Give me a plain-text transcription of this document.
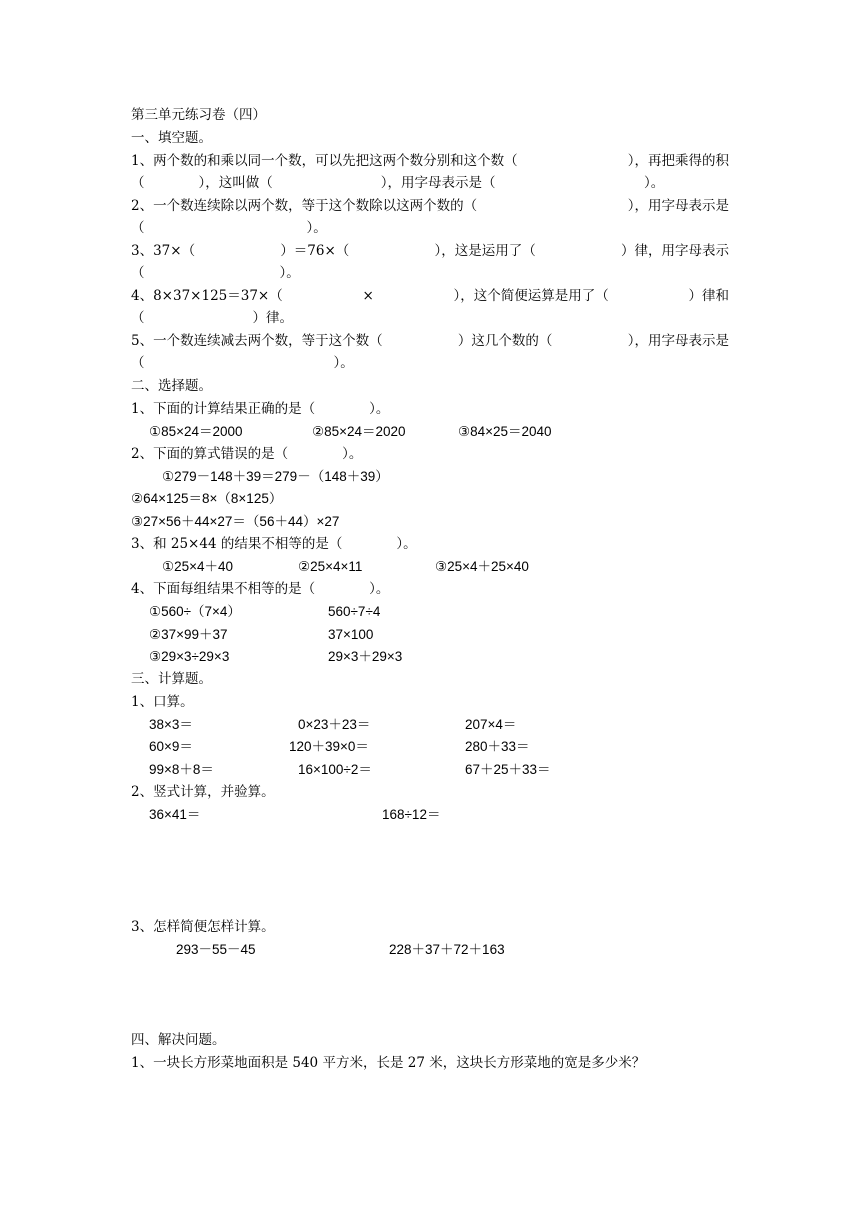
第三单元练习卷（四）
一、填空题。
1、两个数的和乘以同一个数，可以先把这两个数分别和这个数（	），再把乘得的积
（　　　　），这叫做（　　　　　　　　），用字母表示是（　　　　　　　　　　　）。
2、一个数连续除以两个数，等于这个数除以这两个数的（	），用字母表示是
（　　　　　　　　　　　　）。
3、37×（	）＝76×（	），这是运用了（	）律，用字母表示
（　　　　　　　　　　）。
4、8×37×125＝37×（	×	），这个简便运算是用了（	）律和
（　　　　　　　　）律。
5、一个数连续减去两个数，等于这个数（	）这几个数的（	），用字母表示是
（　　　　　　　　　　　　　　）。
二、选择题。
1、下面的计算结果正确的是（　　　　）。
①85×24＝2000	②85×24＝2020	③84×25＝2040
2、下面的算式错误的是（　　　　）。
①279－148＋39＝279－（148＋39）
②64×125＝8×（8×125）
③27×56＋44×27＝（56＋44）×27
3、和 25×44 的结果不相等的是（　　　　）。
①25×4＋40	②25×4×11	③25×4＋25×40
4、下面每组结果不相等的是（　　　　）。
①560÷（7×4）	560÷7÷4
②37×99＋37	37×100
③29×3÷29×3	29×3＋29×3
三、计算题。
1、口算。
38×3＝	0×23＋23＝	207×4＝
60×9＝	120＋39×0＝	280＋33＝
99×8＋8＝	16×100÷2＝	67＋25＋33＝
2、竖式计算，并验算。
36×41＝	168÷12＝
3、怎样简便怎样计算。
293－55－45	228＋37＋72＋163
四、解决问题。
1、一块长方形菜地面积是 540 平方米，长是 27 米，这块长方形菜地的宽是多少米？
